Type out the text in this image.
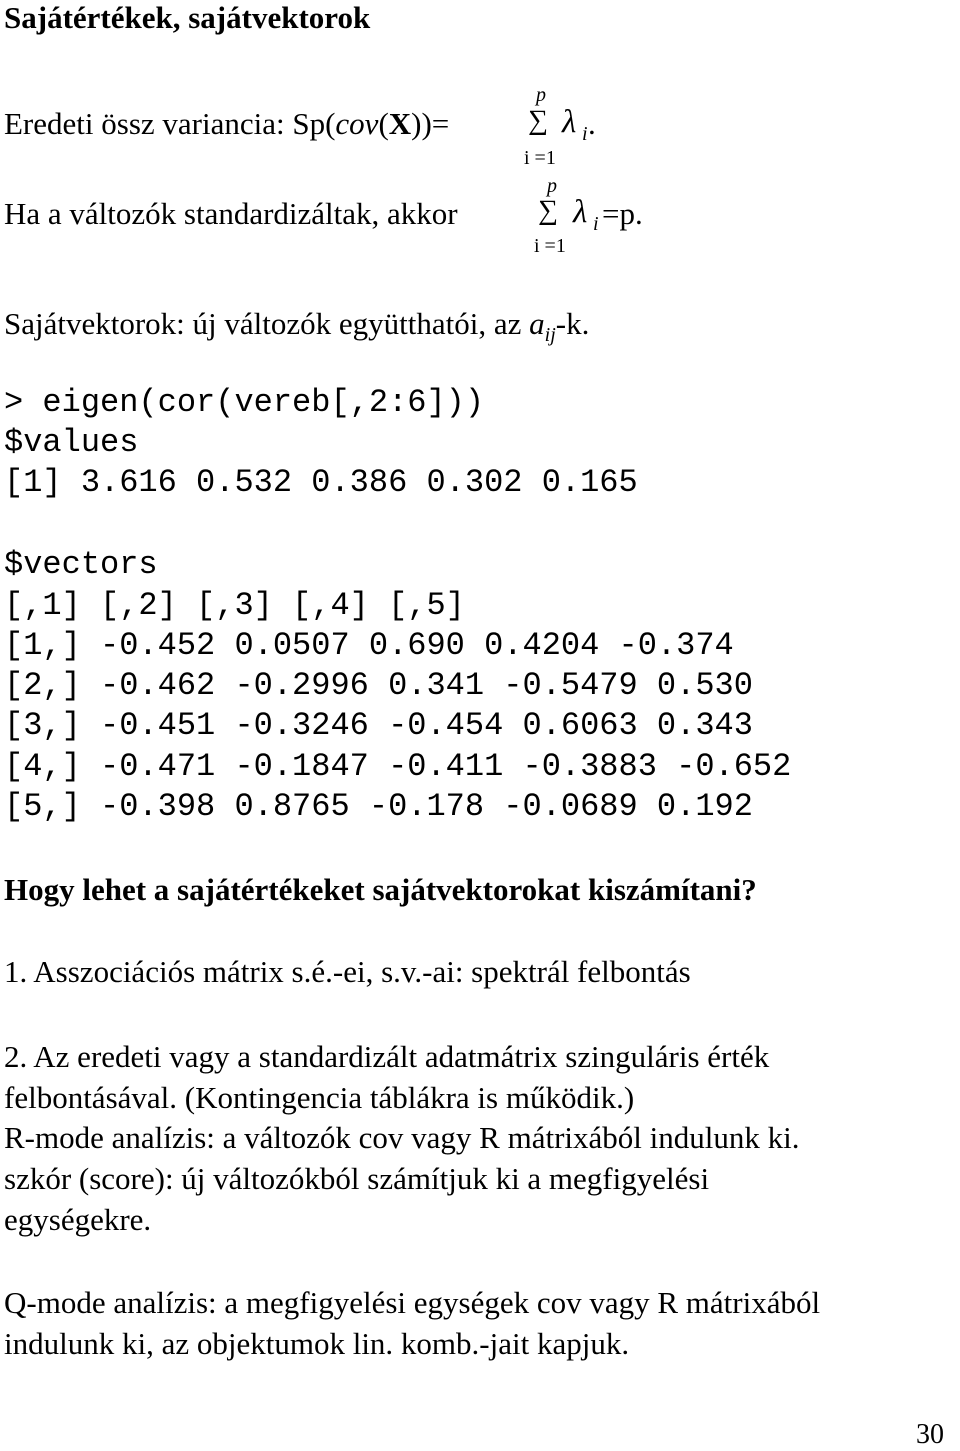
Sajátértékek, sajátvektorok
Eredeti össz variancia: Sp(cov(X))=
p
∑
i =1
λ i .
Ha a változók standardizáltak, akkor
p
∑
i =1
λ i =p.
Sajátvektorok: új változók együtthatói, az $a_{ij}-k$.
> eigen(cor(vereb[,2:6]))
$values
[1] 3.616 0.532 0.386 0.302 0.165
$vectors
[,1] [,2] [,3] [,4] [,5]
[1,] -0.452 0.0507 0.690 0.4204 -0.374
[2,] -0.462 -0.2996 0.341 -0.5479 0.530
[3,] -0.451 -0.3246 -0.454 0.6063 0.343
[4,] -0.471 -0.1847 -0.411 -0.3883 -0.652
[5,] -0.398 0.8765 -0.178 -0.0689 0.192
Hogy lehet a sajátértékeket sajátvektorokat kiszámítani?
1. Asszociációs mátrix s.é.-ei, s.v.-ai: spektrál felbontás
2. Az eredeti vagy a standardizált adatmátrix szinguláris érték
felbontásával. (Kontingencia táblákra is működik.)
R-mode analízis: a változók cov vagy R mátrixából indulunk ki.
szkór (score): új változókból számítjuk ki a megfigyelési
egységekre.
Q-mode analízis: a megfigyelési egységek cov vagy R mátrixából
indulunk ki, az objektumok lin. komb.-jait kapjuk.
30
